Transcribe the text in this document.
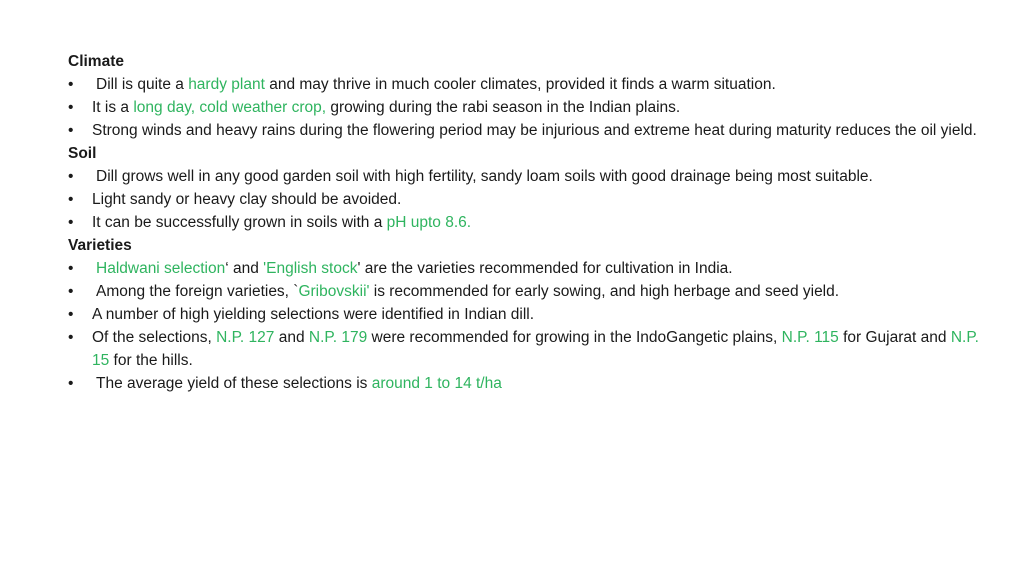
Climate

• Dill is quite a hardy plant and may thrive in much cooler climates, provided it finds a warm situation.

• It is a long day, cold weather crop, growing during the rabi season in the Indian plains.

• Strong winds and heavy rains during the flowering period may be injurious and extreme heat during maturity reduces the oil yield.

Soil

• Dill grows well in any good garden soil with high fertility, sandy loam soils with good drainage being most suitable.

• Light sandy or heavy clay should be avoided.

• It can be successfully grown in soils with a pH upto 8.6.

Varieties

• Haldwani selection‘ and 'English stock' are the varieties recommended for cultivation in India.

• Among the foreign varieties, `Gribovskii' is recommended for early sowing, and high herbage and seed yield.

• A number of high yielding selections were identified in Indian dill.

• Of the selections, N.P. 127 and N.P. 179 were recommended for growing in the IndoGangetic plains, N.P. 115 for Gujarat and N.P. 15 for the hills.

• The average yield of these selections is around 1 to 14 t/ha
